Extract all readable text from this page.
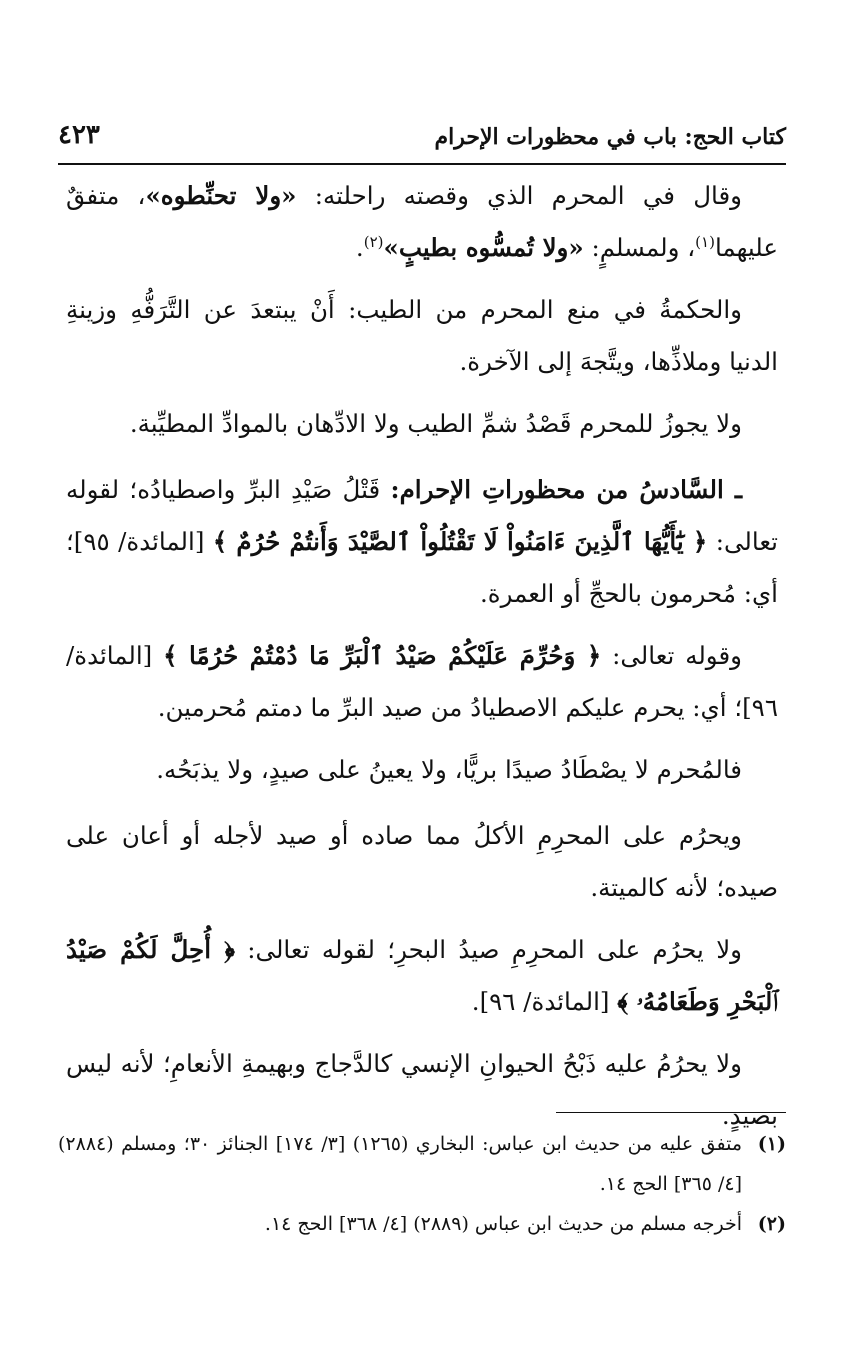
كتاب الحج: باب في محظورات الإحرام
٤٢٣

وقال في المحرم الذي وقصته راحلته: «ولا تحنِّطوه»، متفقٌ عليهما$^{(١)}$، ولمسلمٍ: «ولا تُمسُّوه بطيبٍ»$^{(٢)}$.

والحكمةُ في منع المحرم من الطيب: أَنْ يبتعدَ عن التَّرَفُّهِ وزينةِ الدنيا وملاذِّها، ويتَّجهَ إلى الآخرة.

ولا يجوزُ للمحرم قَصْدُ شمِّ الطيب ولا الادِّهان بالموادِّ المطيِّبة.

ـ السَّادسُ من محظوراتِ الإحرام: قَتْلُ صَيْدِ البرِّ واصطيادُه؛ لقوله تعالى: ﴿ يَٰٓأَيُّهَا ٱلَّذِينَ ءَامَنُواْ لَا تَقْتُلُواْ ٱلصَّيْدَ وَأَنتُمْ حُرُمٌ ﴾ [المائدة/ ٩٥]؛ أي: مُحرمون بالحجِّ أو العمرة.

وقوله تعالى: ﴿ وَحُرِّمَ عَلَيْكُمْ صَيْدُ ٱلْبَرِّ مَا دُمْتُمْ حُرُمًا ﴾ [المائدة/ ٩٦]؛ أي: يحرم عليكم الاصطيادُ من صيد البرِّ ما دمتم مُحرمين.

فالمُحرم لا يصْطَادُ صيدًا بريًّا، ولا يعينُ على صيدٍ، ولا يذبَحُه.

ويحرُم على المحرِمِ الأكلُ مما صاده أو صيد لأجله أو أعان على صيده؛ لأنه كالميتة.

ولا يحرُم على المحرِمِ صيدُ البحرِ؛ لقوله تعالى: ﴿ أُحِلَّ لَكُمْ صَيْدُ ٱلْبَحْرِ وَطَعَامُهُۥ ﴾ [المائدة/ ٩٦].

ولا يحرُمُ عليه ذَبْحُ الحيوانِ الإنسي كالدَّجاج وبهيمةِ الأنعامِ؛ لأنه ليس بصيدٍ.

(١)
متفق عليه من حديث ابن عباس: البخاري (١٢٦٥) [٣/ ١٧٤] الجنائز ٣٠؛ ومسلم (٢٨٨٤) [٤/ ٣٦٥] الحج ١٤.
(٢)
أخرجه مسلم من حديث ابن عباس (٢٨٨٩) [٤/ ٣٦٨] الحج ١٤.
